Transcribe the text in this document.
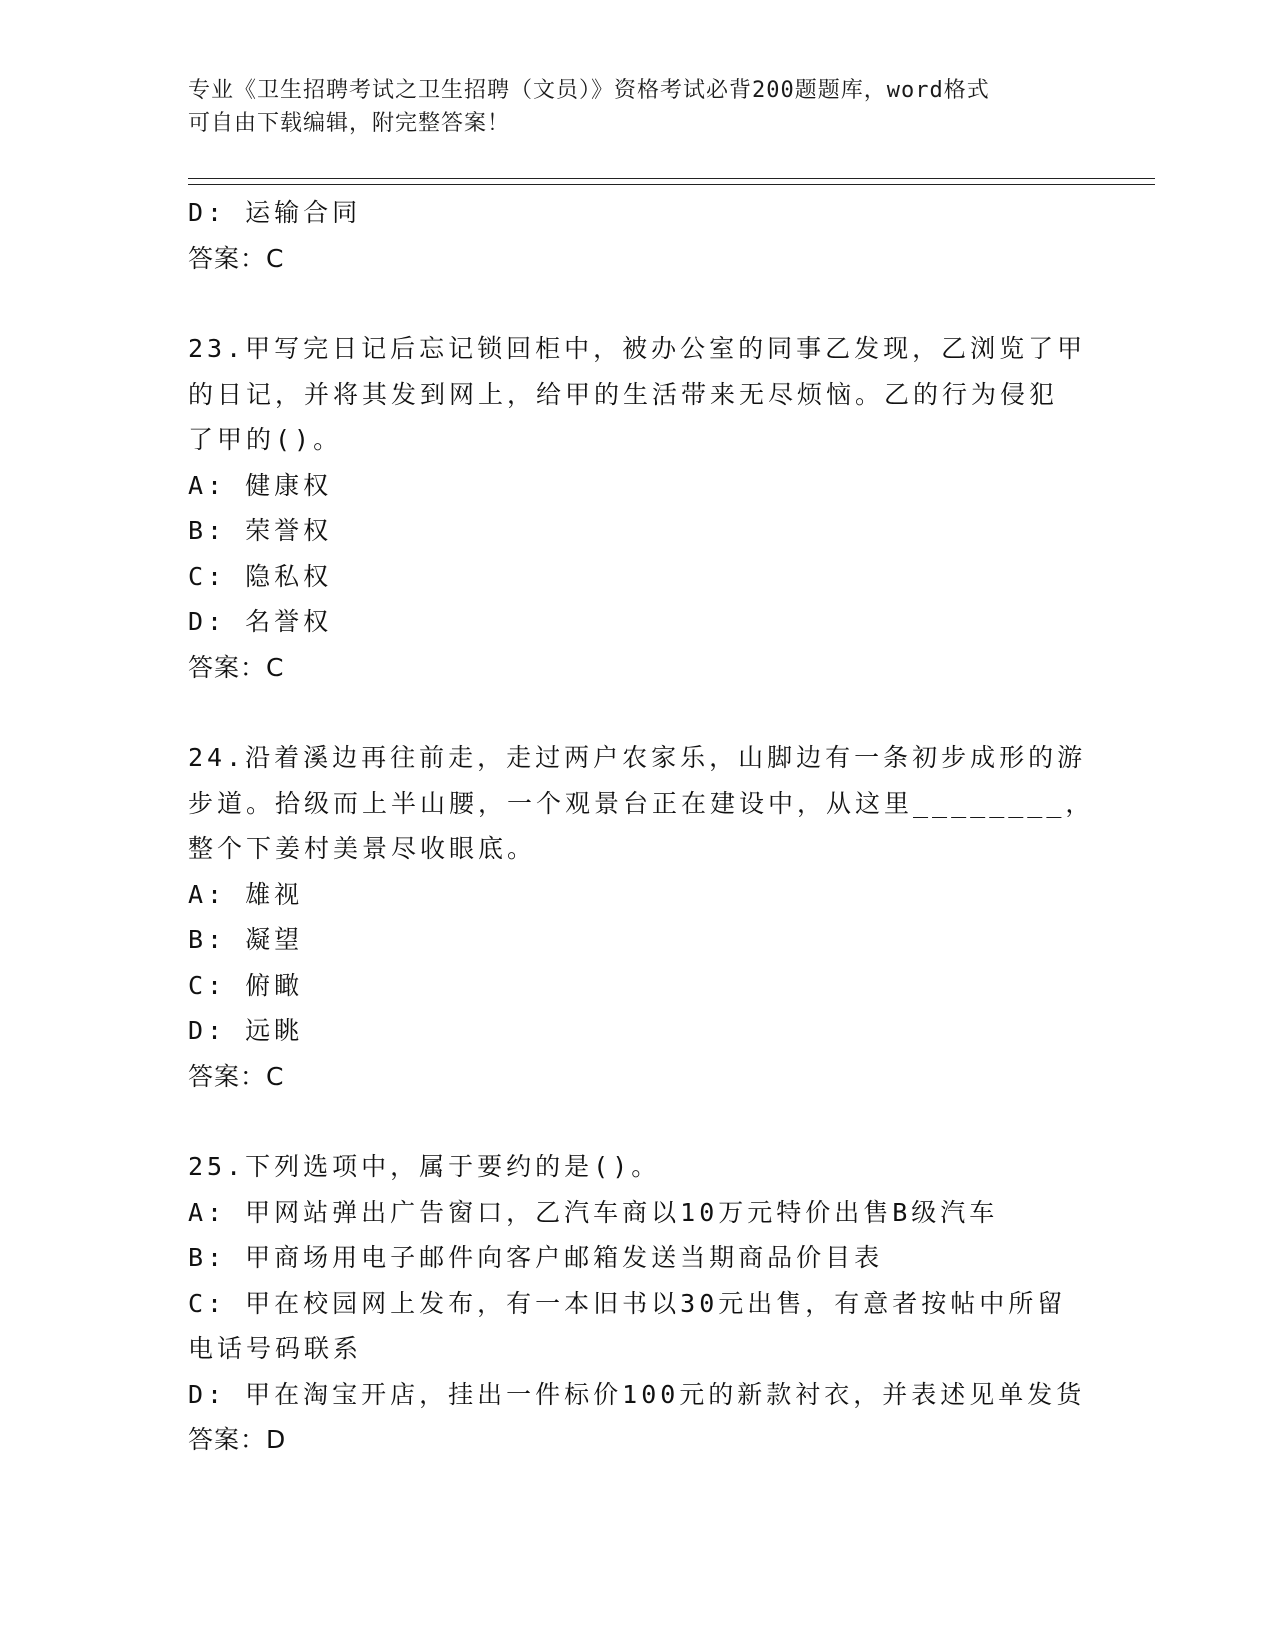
专业《卫生招聘考试之卫生招聘（文员）》资格考试必背200题题库，word格式
可自由下载编辑，附完整答案！
D: 运输合同
答案：C
23.甲写完日记后忘记锁回柜中，被办公室的同事乙发现，乙浏览了甲
的日记，并将其发到网上，给甲的生活带来无尽烦恼。乙的行为侵犯
了甲的()。
A: 健康权
B: 荣誉权
C: 隐私权
D: 名誉权
答案：C
24.沿着溪边再往前走，走过两户农家乐，山脚边有一条初步成形的游
步道。拾级而上半山腰，一个观景台正在建设中，从这里________，
整个下姜村美景尽收眼底。
A: 雄视
B: 凝望
C: 俯瞰
D: 远眺
答案：C
25.下列选项中，属于要约的是()。
A: 甲网站弹出广告窗口，乙汽车商以10万元特价出售B级汽车
B: 甲商场用电子邮件向客户邮箱发送当期商品价目表
C: 甲在校园网上发布，有一本旧书以30元出售，有意者按帖中所留
电话号码联系
D: 甲在淘宝开店，挂出一件标价100元的新款衬衣，并表述见单发货
答案：D
